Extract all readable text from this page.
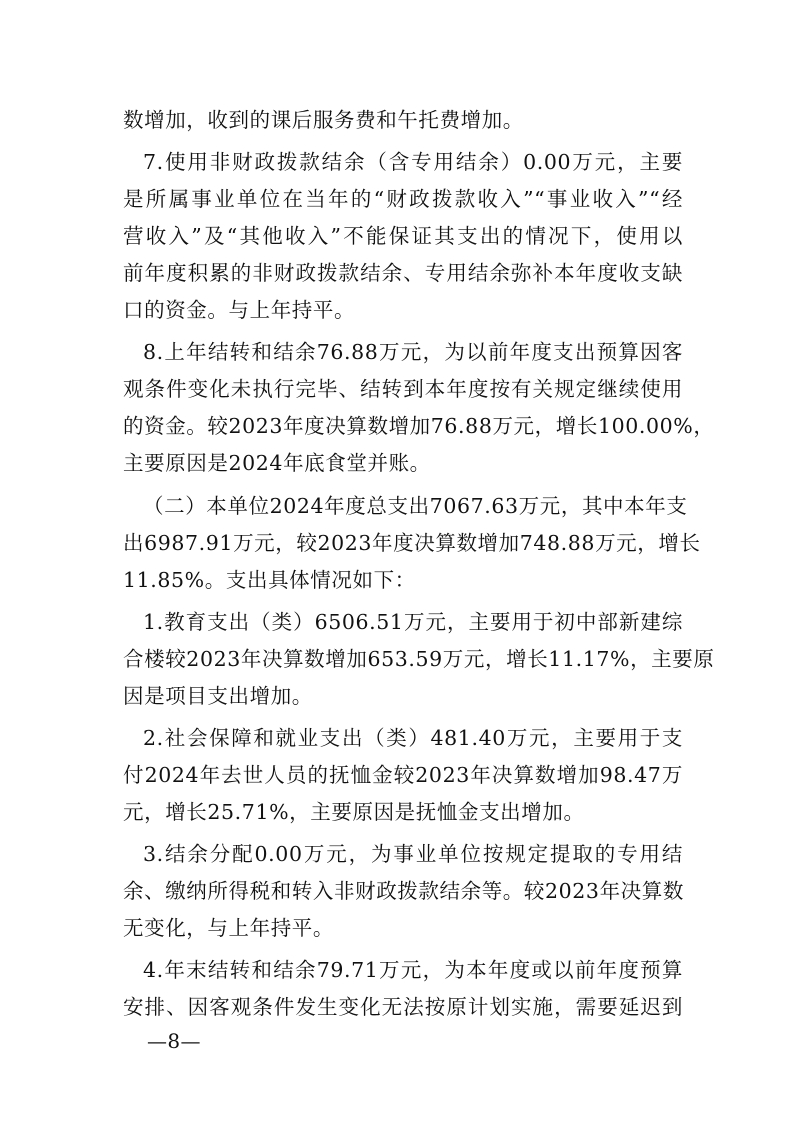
数增加，收到的课后服务费和午托费增加。
7.使用非财政拨款结余（含专用结余）0.00万元，主要
是所属事业单位在当年的“财政拨款收入”“事业收入”“经
营收入”及“其他收入”不能保证其支出的情况下，使用以
前年度积累的非财政拨款结余、专用结余弥补本年度收支缺
口的资金。与上年持平。
8.上年结转和结余76.88万元，为以前年度支出预算因客
观条件变化未执行完毕、结转到本年度按有关规定继续使用
的资金。较2023年度决算数增加76.88万元，增长100.00%，
主要原因是2024年底食堂并账。
（二）本单位2024年度总支出7067.63万元，其中本年支
出6987.91万元，较2023年度决算数增加748.88万元，增长
11.85%。支出具体情况如下：
1.教育支出（类）6506.51万元，主要用于初中部新建综
合楼较2023年决算数增加653.59万元，增长11.17%，主要原
因是项目支出增加。
2.社会保障和就业支出（类）481.40万元，主要用于支
付2024年去世人员的抚恤金较2023年决算数增加98.47万
元，增长25.71%，主要原因是抚恤金支出增加。
3.结余分配0.00万元，为事业单位按规定提取的专用结
余、缴纳所得税和转入非财政拨款结余等。较2023年决算数
无变化，与上年持平。
4.年末结转和结余79.71万元，为本年度或以前年度预算
安排、因客观条件发生变化无法按原计划实施，需要延迟到
—8—
